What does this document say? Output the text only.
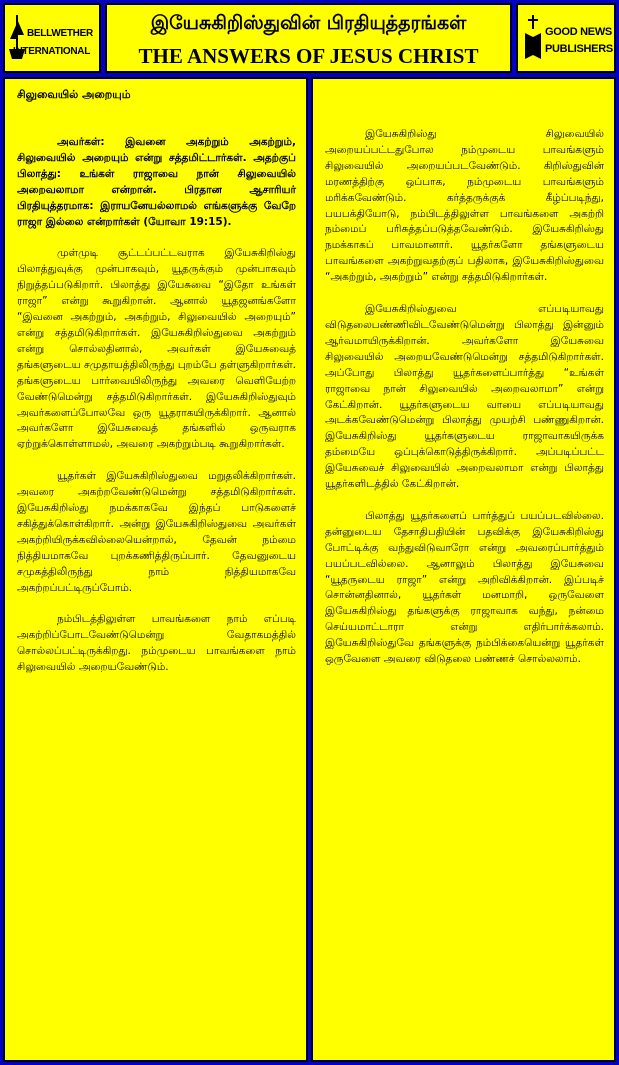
BELLWETHER
INTERNATIONAL
இயேசுகிறிஸ்துவின் பிரதியுத்தரங்கள்
THE ANSWERS OF JESUS CHRIST
GOOD NEWS
PUBLISHERS

சிலுவையில் அறையும்

அவர்கள்: இவனை அகற்றும் அகற்றும், சிலுவையில் அறையும் என்று சத்தமிட்டார்கள். அதற்குப் பிலாத்து: உங்கள் ராஜாவை நான் சிலுவையில் அறைவலாமா என்றான். பிரதான ஆசாரியர் பிரதியுத்தரமாக: இராயனேயல்லாமல் எங்களுக்கு வேறே ராஜா இல்லை என்றார்கள் (யோவா 19:15).

முள்முடி சூட்டப்பட்டவராக இயேசுகிறிஸ்து பிலாத்துவுக்கு முன்பாகவும், யூதருக்கும் முன்பாகவும் நிறுத்தப்படுகிறார். பிலாத்து இயேசுவை “இதோ உங்கள் ராஜா” என்று கூறுகிறான். ஆனால் யூதஜனங்களோ “இவனை அகற்றும், அகற்றும், சிலுவையில் அறையும்” என்று சத்தமிடுகிறார்கள். இயேசுகிறிஸ்துவை அகற்றும் என்று சொல்லதினால், அவர்கள் இயேசுவைத் தங்களுடைய சமுதாயத்திலிருந்து புறம்பே தள்ளுகிறார்கள். தங்களுடைய பார்வையிலிருந்து அவரை வெளியேற்ற வேண்டுமென்று சத்தமிடுகிறார்கள். இயேசுகிறிஸ்துவும் அவர்களைப்போலவே ஒரு யூதராகயிருக்கிறார். ஆனால் அவர்களோ இயேசுவைத் தங்களில் ஒருவராக ஏற்றுக்கொள்ளாமல், அவரை அகற்றும்படி கூறுகிறார்கள்.

யூதர்கள் இயேசுகிறிஸ்துவை மறுதலிக்கிறார்கள். அவரை அகற்றவேண்டுமென்று சத்தமிடுகிறார்கள். இயேசுகிறிஸ்து நமக்காகவே இந்தப் பாடுகளைச் சகித்துக்கொள்கிறார். அன்று இயேசுகிறிஸ்துவை அவர்கள் அகற்றியிருக்கவில்லையென்றால், தேவன் நம்மை நித்தியமாகவே புறக்கணித்திருப்பார். தேவனுடைய சமுகத்திலிருந்து நாம் நித்தியமாகவே அகற்றப்பட்டிருப்போம்.

நம்பிடத்திலுள்ள பாவங்களை நாம் எப்படி அகற்றிப்போடவேண்டுமென்று வேதாகமத்தில் சொல்லப்பட்டிருக்கிறது. நம்முடைய பாவங்களை நாம் சிலுவையில் அறையவேண்டும்.

இயேசுகிறிஸ்து சிலுவையில் அறையப்பட்டதுபோல நம்முடைய பாவங்களும் சிலுவையில் அறையப்படவேண்டும். கிறிஸ்துவின் மரணத்திற்கு ஒப்பாக, நம்முடைய பாவங்களும் மரிக்கவேண்டும். கர்த்தருக்குக் கீழ்ப்படிந்து, பயபக்தியோடு, நம்பிடத்திலுள்ள பாவங்களை அகற்றி நம்மைப் பரிசுத்தப்படுத்தவேண்டும். இயேசுகிறிஸ்து நமக்காகப் பாவமானார். யூதர்களோ தங்களுடைய பாவங்களை அகற்றுவதற்குப் பதிலாக, இயேசுகிறிஸ்துவை “அகற்றும், அகற்றும்” என்று சத்தமிடுகிறார்கள்.

இயேசுகிறிஸ்துவை எப்படியாவது விடுதலைபண்ணிவிடவேண்டுமென்று பிலாத்து இன்னும் ஆர்வமாயிருக்கிறான். அவர்களோ இயேசுவை சிலுவையில் அறையவேண்டுமென்று சத்தமிடுகிறார்கள். அப்போது பிலாத்து யூதர்களைப்பார்த்து “உங்கள் ராஜாவை நான் சிலுவையில் அறைவலாமா” என்று கேட்கிறான். யூதர்களுடைய வாயை எப்படியாவது அடக்கவேண்டுமென்று பிலாத்து முயற்சி பண்ணுகிறான். இயேசுகிறிஸ்து யூதர்களுடைய ராஜாவாகயிருக்க தம்மையே ஒப்புக்கொடுத்திருக்கிறார். அப்படிப்பட்ட இயேசுவைச் சிலுவையில் அறைவலாமா என்று பிலாத்து யூதர்களிடத்தில் கேட்கிறான்.

பிலாத்து யூதர்களைப் பார்த்துப் பயப்படவில்லை. தன்னுடைய தேசாதிபதியின் பதவிக்கு இயேசுகிறிஸ்து போட்டிக்கு வந்துவிடுவாரோ என்று அவரைப்பார்த்தும் பயப்படவில்லை. ஆனாலும் பிலாத்து இயேசுவை “யூதருடைய ராஜா” என்று அறிவிக்கிறான். இப்படிச் சொன்னதினால், யூதர்கள் மனமாறி, ஒருவேளை இயேசுகிறிஸ்து தங்களுக்கு ராஜாவாக வந்து, நன்மை செய்யமாட்டாரா என்று எதிர்பார்க்கலாம். இயேசுகிறிஸ்துவே தங்களுக்கு நம்பிக்கையென்று யூதர்கள் ஒருவேளை அவரை விடுதலை பண்ணச் சொல்லலாம்.
